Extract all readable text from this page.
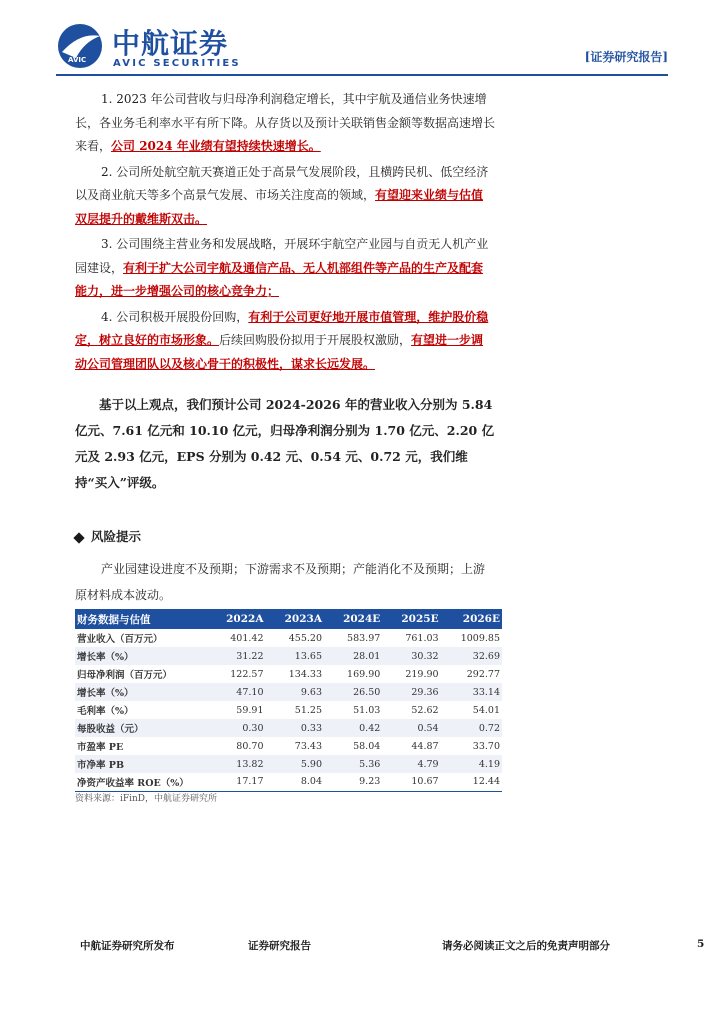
AVIC 中航证券
AVIC SECURITIES	[证券研究报告]

1. 2023 年公司营收与归母净利润稳定增长，其中宇航及通信业务快速增长，各业务毛利率水平有所下降。从存货以及预计关联销售金额等数据高速增长来看，公司 2024 年业绩有望持续快速增长。

2. 公司所处航空航天赛道正处于高景气发展阶段，且横跨民机、低空经济以及商业航天等多个高景气发展、市场关注度高的领域，有望迎来业绩与估值双层提升的戴维斯双击。

3. 公司围绕主营业务和发展战略，开展环宇航空产业园与自贡无人机产业园建设，有利于扩大公司宇航及通信产品、无人机部组件等产品的生产及配套能力，进一步增强公司的核心竞争力；

4. 公司积极开展股份回购，有利于公司更好地开展市值管理，维护股价稳定，树立良好的市场形象。后续回购股份拟用于开展股权激励，有望进一步调动公司管理团队以及核心骨干的积极性，谋求长远发展。

基于以上观点，我们预计公司 2024-2026 年的营业收入分别为 5.84 亿元、7.61 亿元和 10.10 亿元，归母净利润分别为 1.70 亿元、2.20 亿元及 2.93 亿元，EPS 分别为 0.42 元、0.54 元、0.72 元，我们维持“买入”评级。

风险提示

产业园建设进度不及预期；下游需求不及预期；产能消化不及预期；上游原材料成本波动。

财务数据与估值	2022A	2023A	2024E	2025E	2026E
营业收入（百万元）	401.42	455.20	583.97	761.03	1009.85
增长率（%）	31.22	13.65	28.01	30.32	32.69
归母净利润（百万元）	122.57	134.33	169.90	219.90	292.77
增长率（%）	47.10	9.63	26.50	29.36	33.14
毛利率（%）	59.91	51.25	51.03	52.62	54.01
每股收益（元）	0.30	0.33	0.42	0.54	0.72
市盈率 PE	80.70	73.43	58.04	44.87	33.70
市净率 PB	13.82	5.90	5.36	4.79	4.19
净资产收益率 ROE（%）	17.17	8.04	9.23	10.67	12.44
资料来源：iFinD，中航证券研究所
中航证券研究所发布	证券研究报告	请务必阅读正文之后的免责声明部分	5
